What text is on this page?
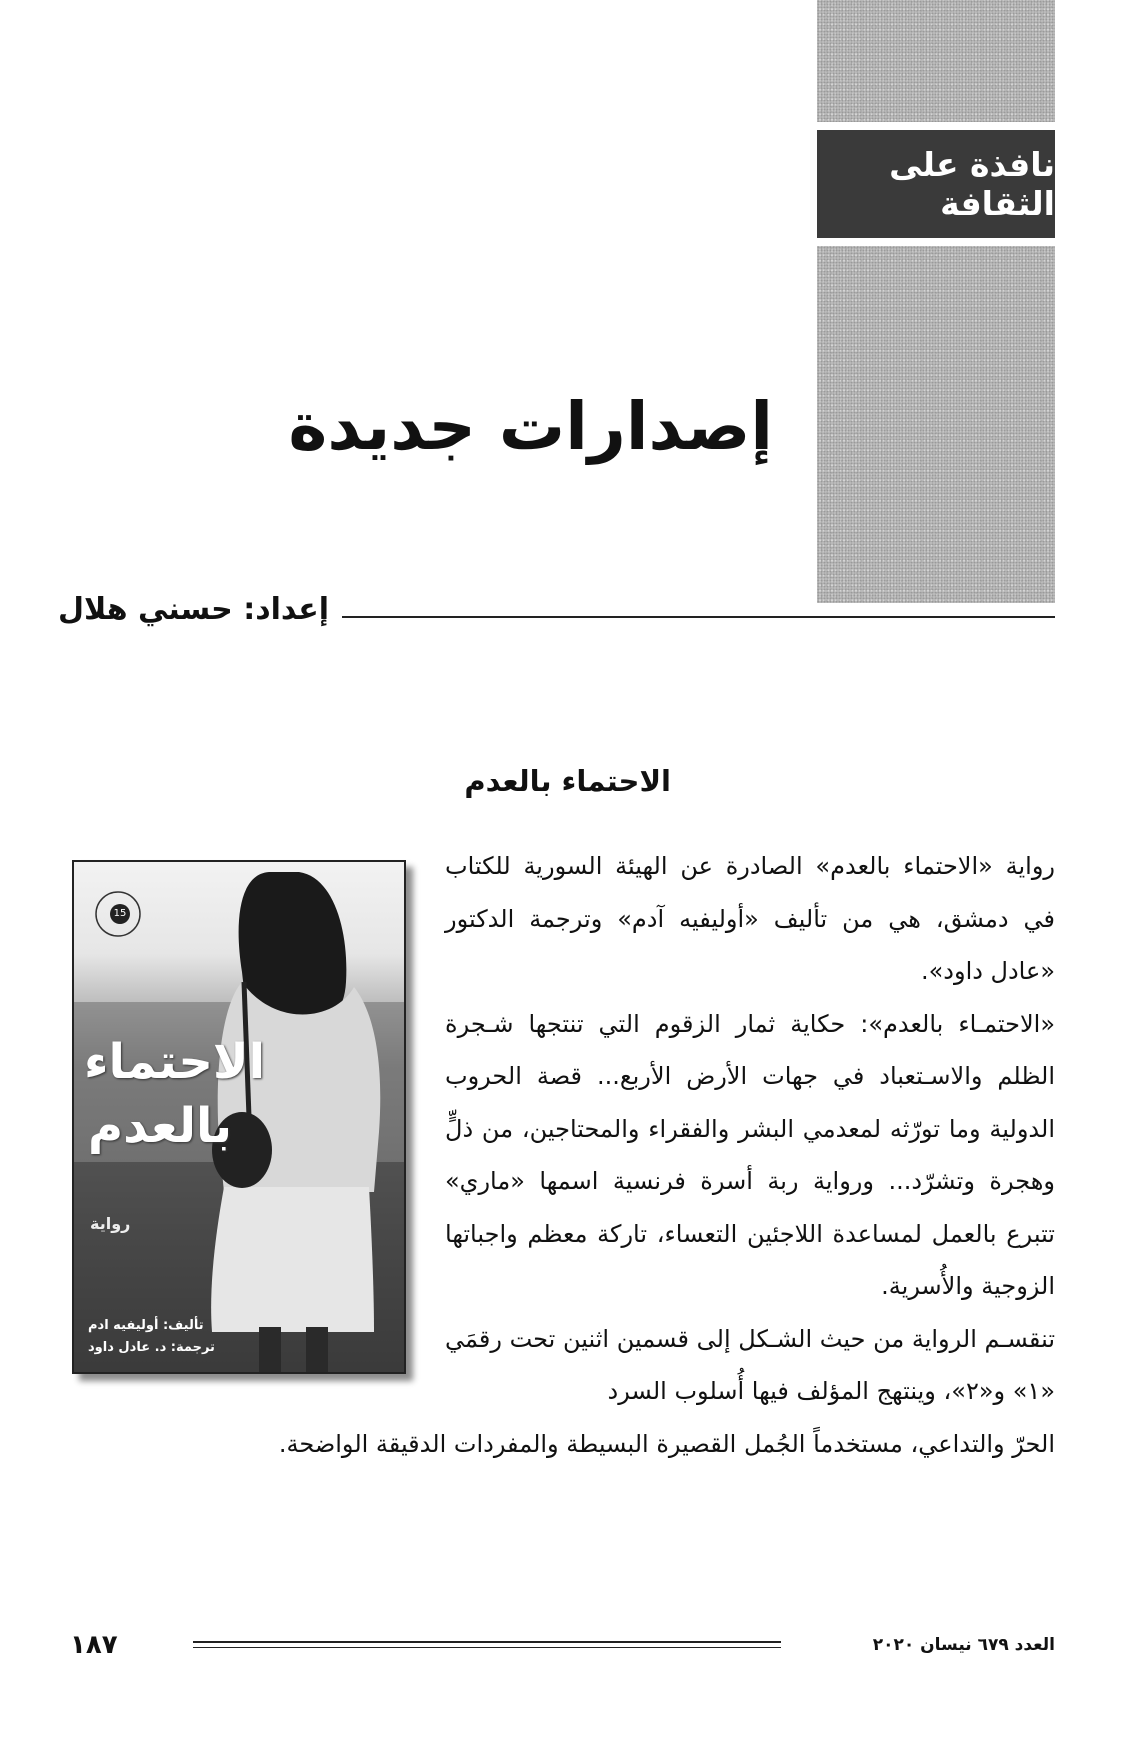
نافذة على الثقافة
إصدارات جديدة
إعداد: حسني هلال
الاحتماء بالعدم
الاحتماء
بالعدم
رواية
15
تأليف: أوليفيه ادم
ترجمة: د. عادل داود

رواية «الاحتماء بالعدم» الصادرة عن الهيئة السورية للكتاب في دمشق، هي من تأليف «أوليفيه آدم» وترجمة الدكتور «عادل داود».

«الاحتمـاء بالعدم»: حكاية ثمار الزقوم التي تنتجها شـجرة الظلم والاسـتعباد في جهات الأرض الأربع... قصة الحروب الدولية وما تورّثه لمعدمي البشر والفقراء والمحتاجين، من ذلٍّ وهجرة وتشرّد... ورواية ربة أسرة فرنسية اسمها «ماري» تتبرع بالعمل لمساعدة اللاجئين التعساء، تاركة معظم واجباتها الزوجية والأُسرية.

تنقسـم الرواية من حيث الشـكل إلى قسمين اثنين تحت رقمَي «١» و«٢»، وينتهج المؤلف فيها أُسلوب السرد

الحرّ والتداعي، مستخدماً الجُمل القصيرة البسيطة والمفردات الدقيقة الواضحة.
١٨٧	العدد ٦٧٩ نيسان ٢٠٢٠
